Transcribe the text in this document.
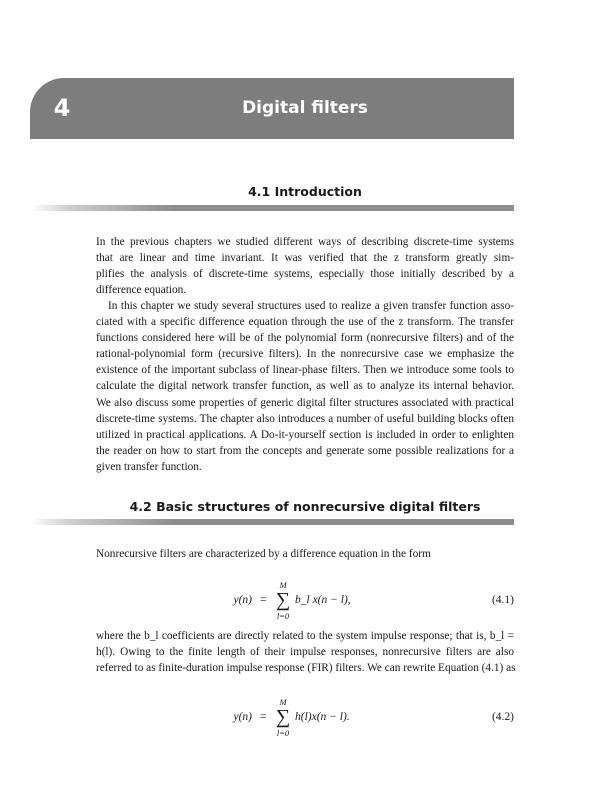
4	Digital filters
4.1 Introduction

In the previous chapters we studied different ways of describing discrete-time systems
that are linear and time invariant. It was verified that the z transform greatly sim-
plifies the analysis of discrete-time systems, especially those initially described by a
difference equation.

In this chapter we study several structures used to realize a given transfer function asso-
ciated with a specific difference equation through the use of the z transform. The transfer
functions considered here will be of the polynomial form (nonrecursive filters) and of the
rational-polynomial form (recursive filters). In the nonrecursive case we emphasize the
existence of the important subclass of linear-phase filters. Then we introduce some tools to
calculate the digital network transfer function, as well as to analyze its internal behavior.
We also discuss some properties of generic digital filter structures associated with practical
discrete-time systems. The chapter also introduces a number of useful building blocks often
utilized in practical applications. A Do-it-yourself section is included in order to enlighten
the reader on how to start from the concepts and generate some possible realizations for a
given transfer function.

4.2 Basic structures of nonrecursive digital filters

Nonrecursive filters are characterized by a difference equation in the form

y(n) =
M
∑
l=0
b_l x(n − l),	(4.1)

where the b_l coefficients are directly related to the system impulse response; that is, b_l =
h(l). Owing to the finite length of their impulse responses, nonrecursive filters are also
referred to as finite-duration impulse response (FIR) filters. We can rewrite Equation (4.1) as

y(n) =
M
∑
l=0
h(l)x(n − l).	(4.2)
